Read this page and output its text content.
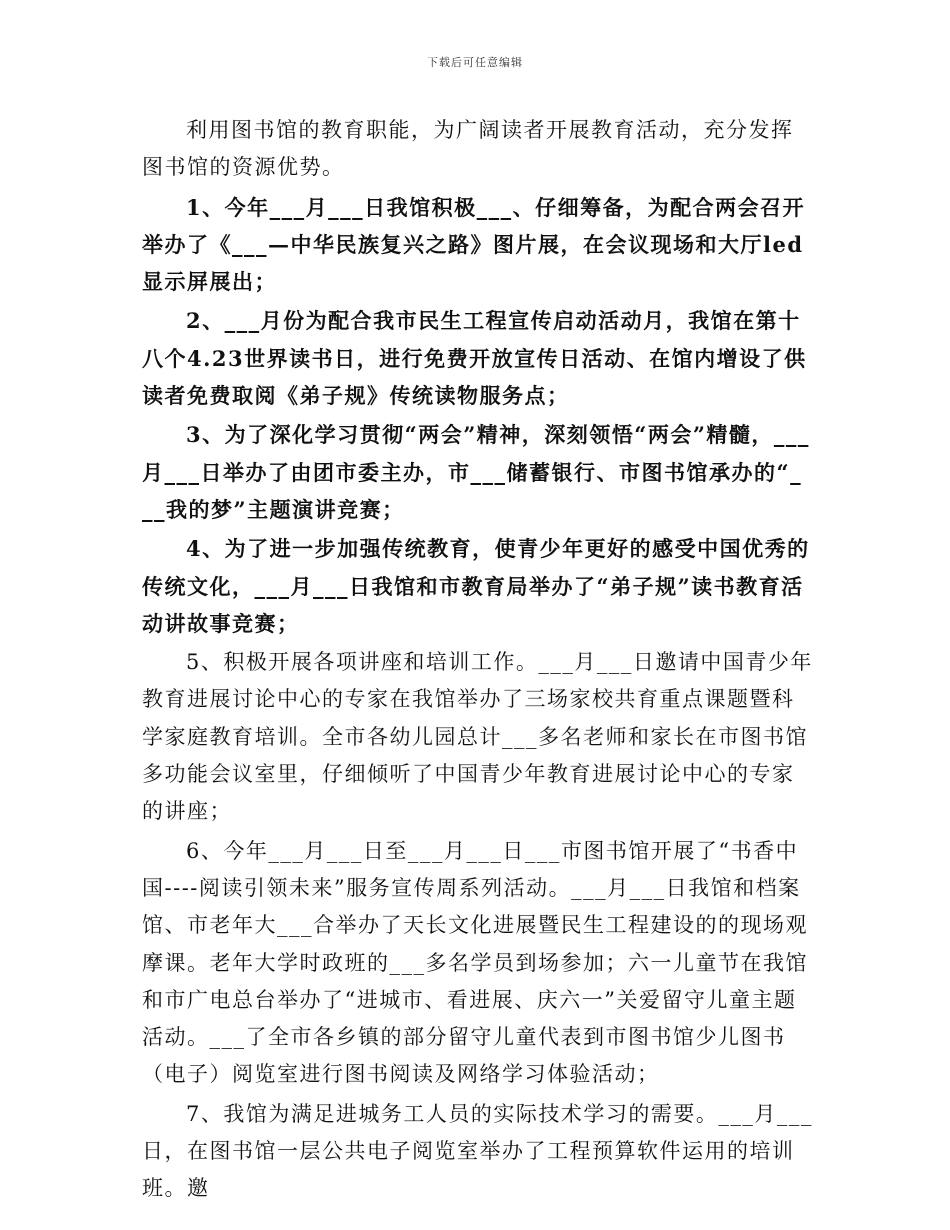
下载后可任意编辑

利用图书馆的教育职能，为广阔读者开展教育活动，充分发挥图书馆的资源优势。

1、今年___月___日我馆积极___、仔细筹备，为配合两会召开举办了《___—中华民族复兴之路》图片展，在会议现场和大厅led显示屏展出；

2、___月份为配合我市民生工程宣传启动活动月，我馆在第十八个4.23世界读书日，进行免费开放宣传日活动、在馆内增设了供读者免费取阅《弟子规》传统读物服务点；

3、为了深化学习贯彻“两会”精神，深刻领悟“两会”精髓，___月___日举办了由团市委主办，市___储蓄银行、市图书馆承办的“___我的梦”主题演讲竞赛；

4、为了进一步加强传统教育，使青少年更好的感受中国优秀的传统文化，___月___日我馆和市教育局举办了“弟子规”读书教育活动讲故事竞赛；

5、积极开展各项讲座和培训工作。___月___日邀请中国青少年教育进展讨论中心的专家在我馆举办了三场家校共育重点课题暨科学家庭教育培训。全市各幼儿园总计___多名老师和家长在市图书馆多功能会议室里，仔细倾听了中国青少年教育进展讨论中心的专家的讲座；

6、今年___月___日至___月___日___市图书馆开展了“书香中国----阅读引领未来”服务宣传周系列活动。___月___日我馆和档案馆、市老年大___合举办了天长文化进展暨民生工程建设的的现场观摩课。老年大学时政班的___多名学员到场参加；六一儿童节在我馆和市广电总台举办了“进城市、看进展、庆六一”关爱留守儿童主题活动。___了全市各乡镇的部分留守儿童代表到市图书馆少儿图书（电子）阅览室进行图书阅读及网络学习体验活动；

7、我馆为满足进城务工人员的实际技术学习的需要。___月___日，在图书馆一层公共电子阅览室举办了工程预算软件运用的培训班。邀
